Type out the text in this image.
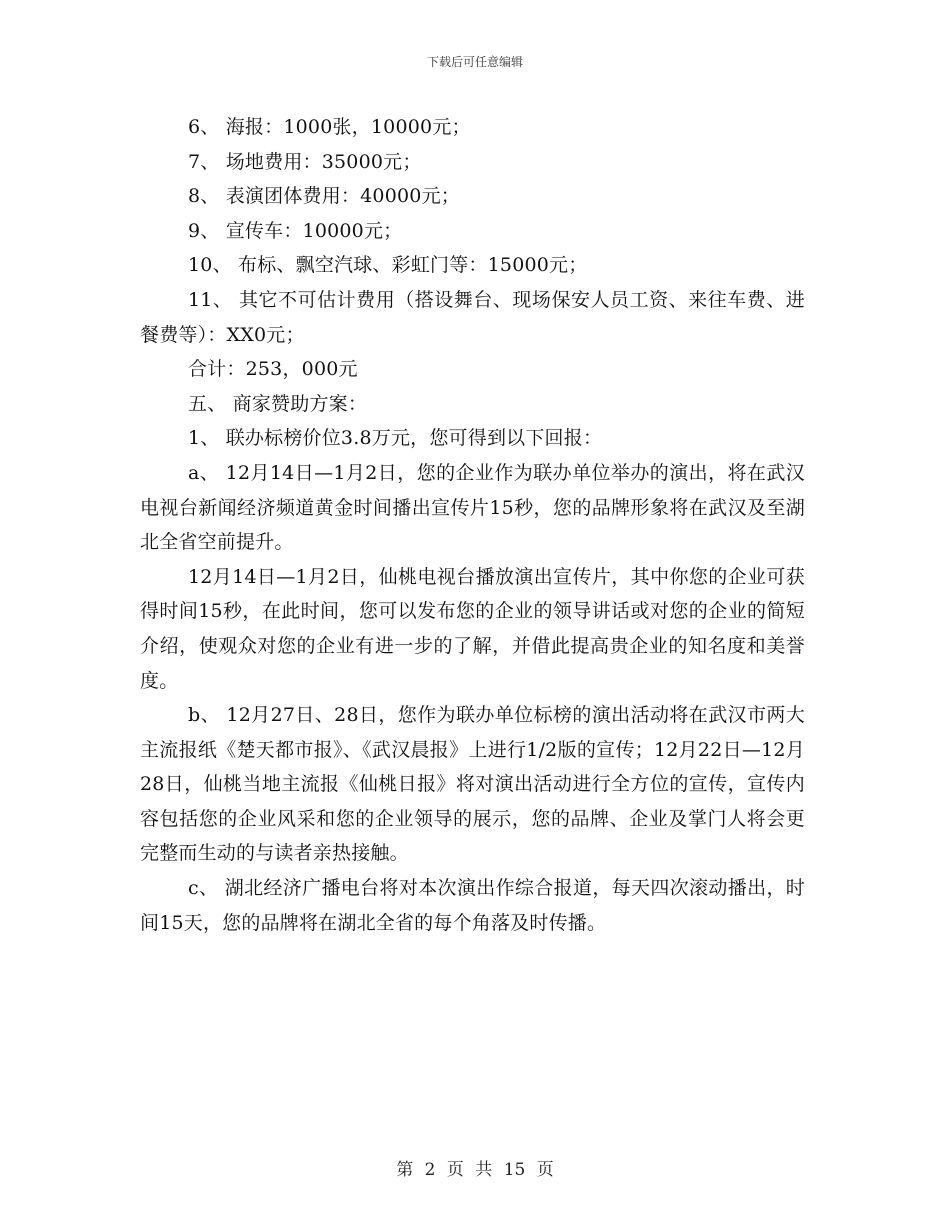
下载后可任意编辑

6、 海报：1000张，10000元；

7、 场地费用：35000元；

8、 表演团体费用：40000元；

9、 宣传车：10000元；

10、 布标、飘空汽球、彩虹门等：15000元；

11、 其它不可估计费用（搭设舞台、现场保安人员工资、来往车费、进餐费等）：XX0元；

合计：253，000元

五、 商家赞助方案：

1、 联办标榜价位3.8万元，您可得到以下回报：

a、 12月14日—1月2日，您的企业作为联办单位举办的演出，将在武汉电视台新闻经济频道黄金时间播出宣传片15秒，您的品牌形象将在武汉及至湖北全省空前提升。

12月14日—1月2日，仙桃电视台播放演出宣传片，其中你您的企业可获得时间15秒，在此时间，您可以发布您的企业的领导讲话或对您的企业的简短介绍，使观众对您的企业有进一步的了解，并借此提高贵企业的知名度和美誉度。

b、 12月27日、28日，您作为联办单位标榜的演出活动将在武汉市两大主流报纸《楚天都市报》、《武汉晨报》上进行1/2版的宣传；12月22日—12月28日，仙桃当地主流报《仙桃日报》将对演出活动进行全方位的宣传，宣传内容包括您的企业风采和您的企业领导的展示，您的品牌、企业及掌门人将会更完整而生动的与读者亲热接触。

c、 湖北经济广播电台将对本次演出作综合报道，每天四次滚动播出，时间15天，您的品牌将在湖北全省的每个角落及时传播。

第 2 页 共 15 页
